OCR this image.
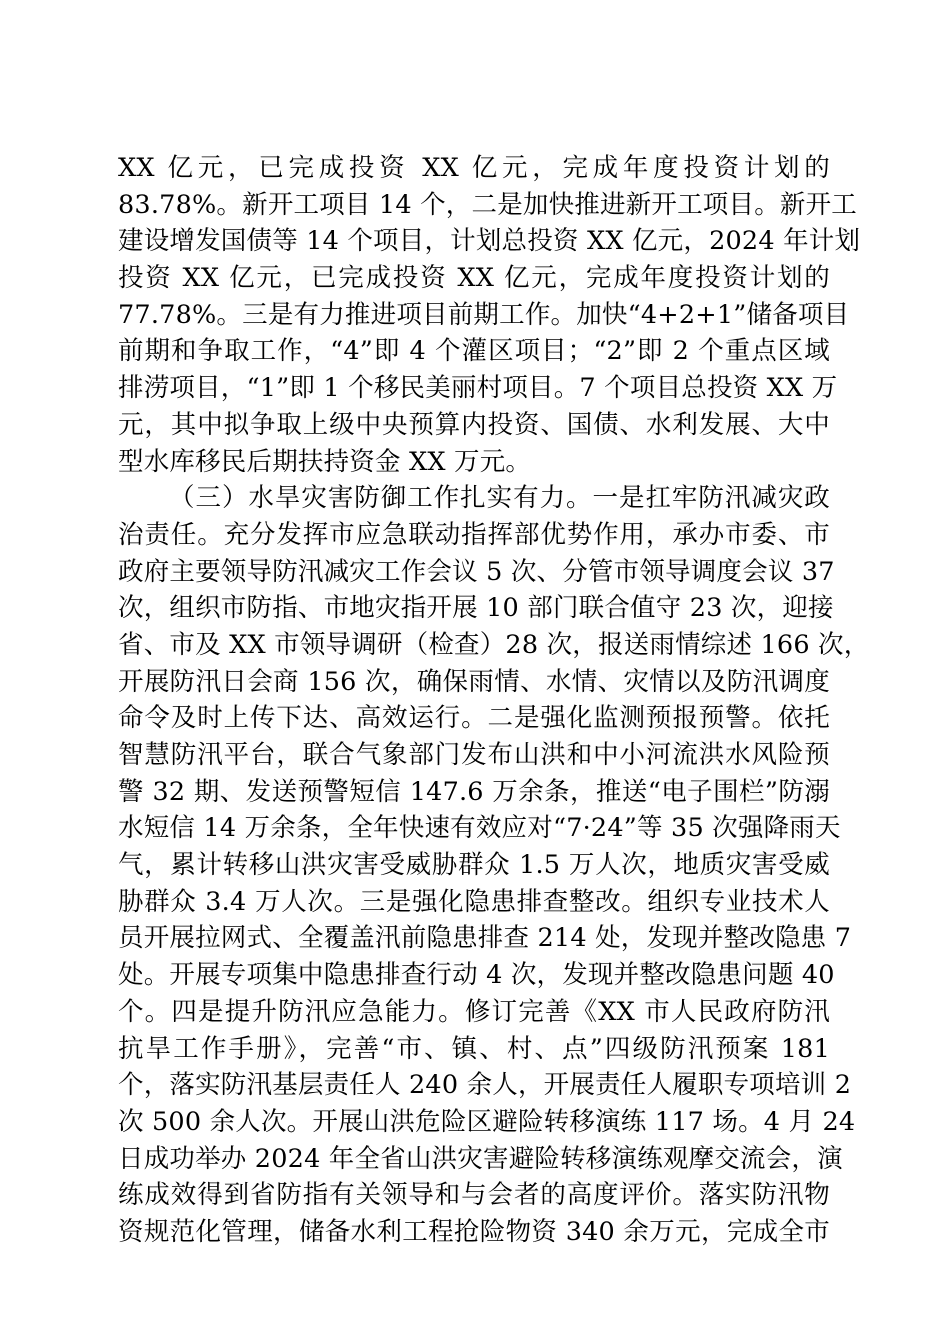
XX 亿元，已完成投资 XX 亿元，完成年度投资计划的
83.78%。新开工项目 14 个，二是加快推进新开工项目。新开工
建设增发国债等 14 个项目，计划总投资 XX 亿元，2024 年计划
投资 XX 亿元，已完成投资 XX 亿元，完成年度投资计划的
77.78%。三是有力推进项目前期工作。加快“4+2+1”储备项目
前期和争取工作，“4”即 4 个灌区项目；“2”即 2 个重点区域
排涝项目，“1”即 1 个移民美丽村项目。7 个项目总投资 XX 万
元，其中拟争取上级中央预算内投资、国债、水利发展、大中
型水库移民后期扶持资金 XX 万元。
（三）水旱灾害防御工作扎实有力。一是扛牢防汛减灾政
治责任。充分发挥市应急联动指挥部优势作用，承办市委、市
政府主要领导防汛减灾工作会议 5 次、分管市领导调度会议 37
次，组织市防指、市地灾指开展 10 部门联合值守 23 次，迎接
省、市及 XX 市领导调研（检查）28 次，报送雨情综述 166 次，
开展防汛日会商 156 次，确保雨情、水情、灾情以及防汛调度
命令及时上传下达、高效运行。二是强化监测预报预警。依托
智慧防汛平台，联合气象部门发布山洪和中小河流洪水风险预
警 32 期、发送预警短信 147.6 万余条，推送“电子围栏”防溺
水短信 14 万余条，全年快速有效应对“7·24”等 35 次强降雨天
气，累计转移山洪灾害受威胁群众 1.5 万人次，地质灾害受威
胁群众 3.4 万人次。三是强化隐患排查整改。组织专业技术人
员开展拉网式、全覆盖汛前隐患排查 214 处，发现并整改隐患 7
处。开展专项集中隐患排查行动 4 次，发现并整改隐患问题 40
个。四是提升防汛应急能力。修订完善《XX 市人民政府防汛
抗旱工作手册》，完善“市、镇、村、点”四级防汛预案 181
个，落实防汛基层责任人 240 余人，开展责任人履职专项培训 2
次 500 余人次。开展山洪危险区避险转移演练 117 场。4 月 24
日成功举办 2024 年全省山洪灾害避险转移演练观摩交流会，演
练成效得到省防指有关领导和与会者的高度评价。落实防汛物
资规范化管理，储备水利工程抢险物资 340 余万元，完成全市
